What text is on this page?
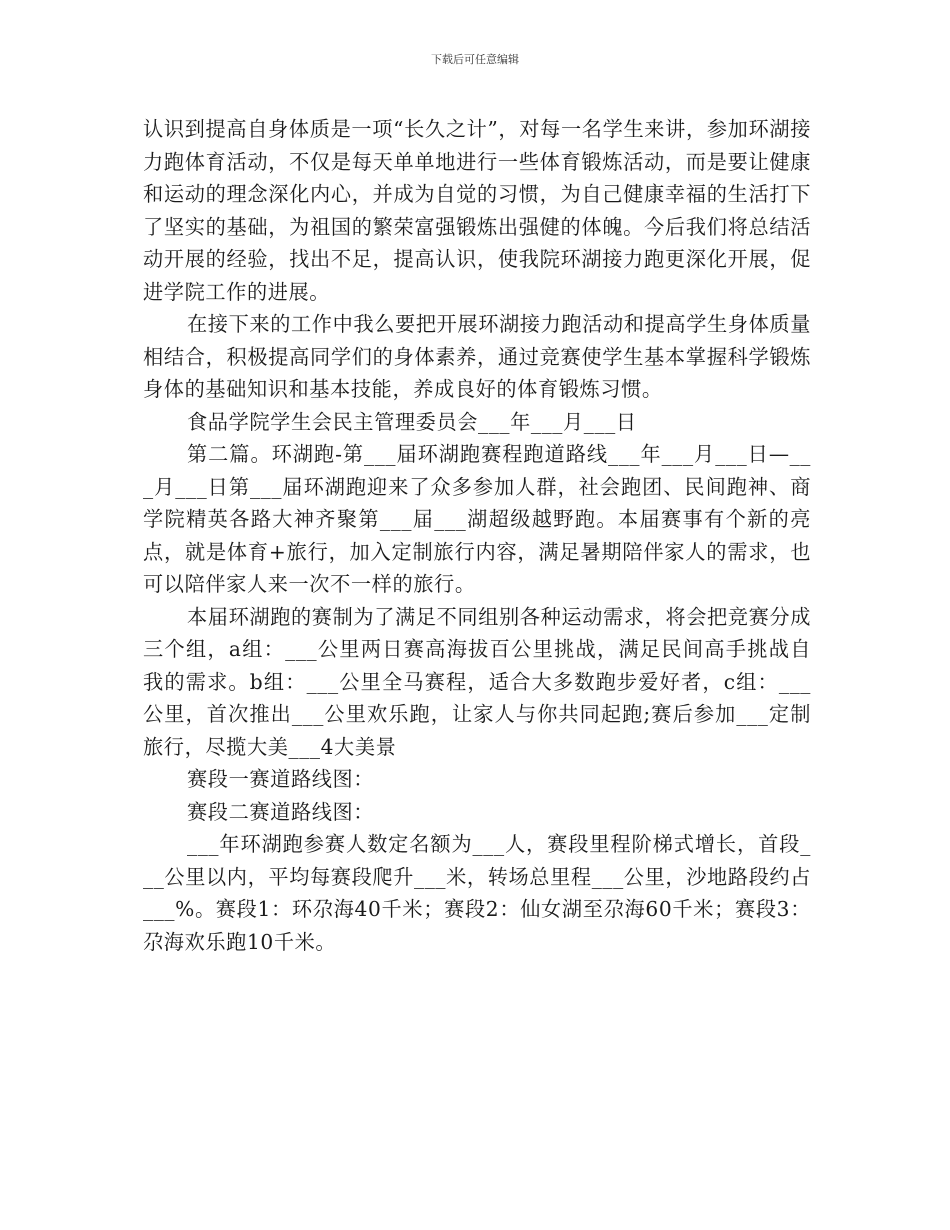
下载后可任意编辑

认识到提高自身体质是一项“长久之计”，对每一名学生来讲，参加环湖接力跑体育活动，不仅是每天单单地进行一些体育锻炼活动，而是要让健康和运动的理念深化内心，并成为自觉的习惯，为自己健康幸福的生活打下了坚实的基础，为祖国的繁荣富强锻炼出强健的体魄。今后我们将总结活动开展的经验，找出不足，提高认识，使我院环湖接力跑更深化开展，促进学院工作的进展。

在接下来的工作中我么要把开展环湖接力跑活动和提高学生身体质量相结合，积极提高同学们的身体素养，通过竞赛使学生基本掌握科学锻炼身体的基础知识和基本技能，养成良好的体育锻炼习惯。

食品学院学生会民主管理委员会___年___月___日

第二篇。环湖跑-第___届环湖跑赛程跑道路线___年___月___日—___月___日第___届环湖跑迎来了众多参加人群，社会跑团、民间跑神、商学院精英各路大神齐聚第___届___湖超级越野跑。本届赛事有个新的亮点，就是体育+旅行，加入定制旅行内容，满足暑期陪伴家人的需求，也可以陪伴家人来一次不一样的旅行。

本届环湖跑的赛制为了满足不同组别各种运动需求，将会把竞赛分成三个组，a组：___公里两日赛高海拔百公里挑战，满足民间高手挑战自我的需求。b组：___公里全马赛程，适合大多数跑步爱好者，c组：___公里，首次推出___公里欢乐跑，让家人与你共同起跑;赛后参加___定制旅行，尽揽大美___4大美景

赛段一赛道路线图：

赛段二赛道路线图：

___年环湖跑参赛人数定名额为___人，赛段里程阶梯式增长，首段___公里以内，平均每赛段爬升___米，转场总里程___公里，沙地路段约占___%。赛段1：环尕海40千米；赛段2：仙女湖至尕海60千米；赛段3：尕海欢乐跑10千米。
